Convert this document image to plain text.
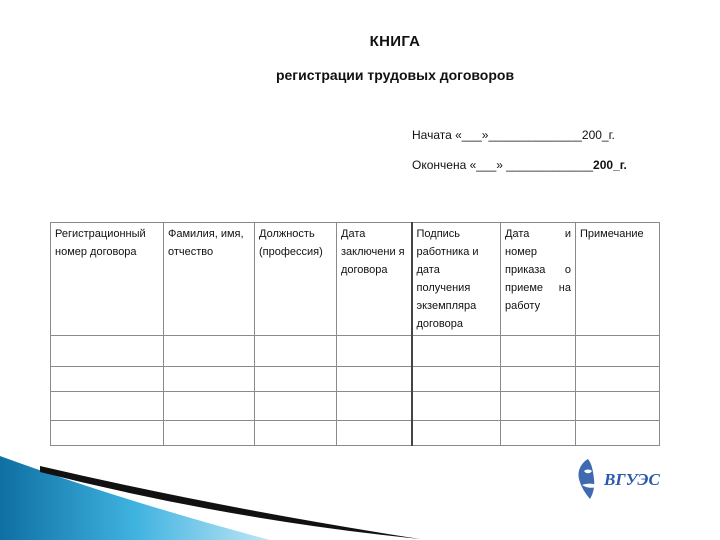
КНИГА
регистрации трудовых договоров
Начата «___»______________200_г.
Окончена «___» _____________200_г.
Регистрационный номер договора	Фамилия, имя, отчество	Должность (профессия)	Дата заключени я договора	Подпись работника и дата получения экземпляра договора	Дата и номер приказа о приеме на работу	Примечание

ВГУЭС
